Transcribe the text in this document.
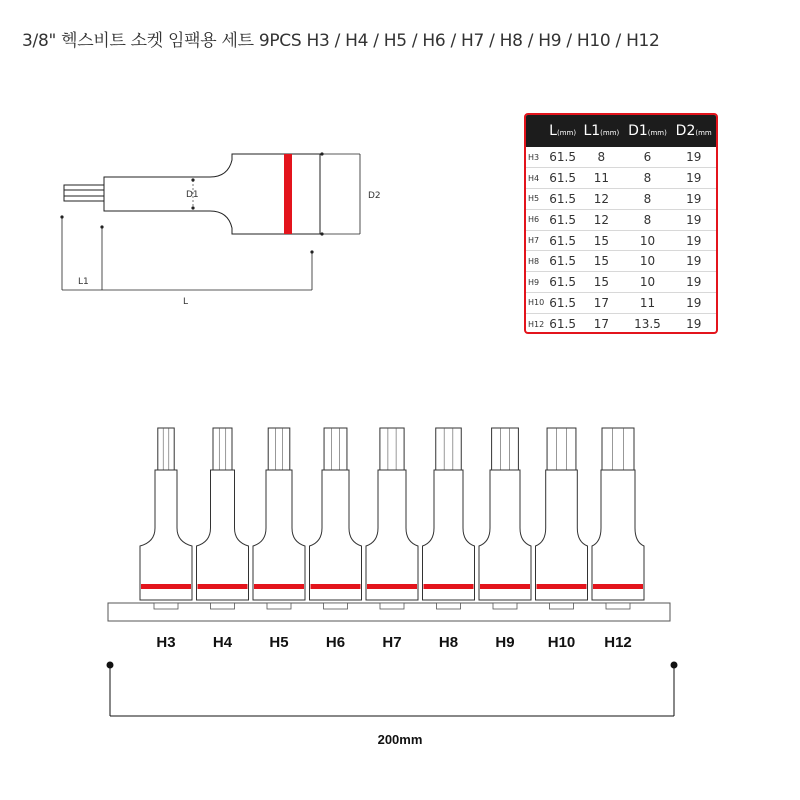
3/8" 헥스비트 소켓 임팩용 세트 9PCS H3 / H4 / H5 / H6 / H7 / H8 / H9 / H10 / H12
D1	D2
L1
L
	L(mm)	L1(mm)	D1(mm)	D2(mm
H3	61.5	8	6	19
H4	61.5	11	8	19
H5	61.5	12	8	19
H6	61.5	12	8	19
H7	61.5	15	10	19
H8	61.5	15	10	19
H9	61.5	15	10	19
H10	61.5	17	11	19
H12	61.5	17	13.5	19
H3	H4	H5	H6	H7	H8	H9	H10	H12
200mm
